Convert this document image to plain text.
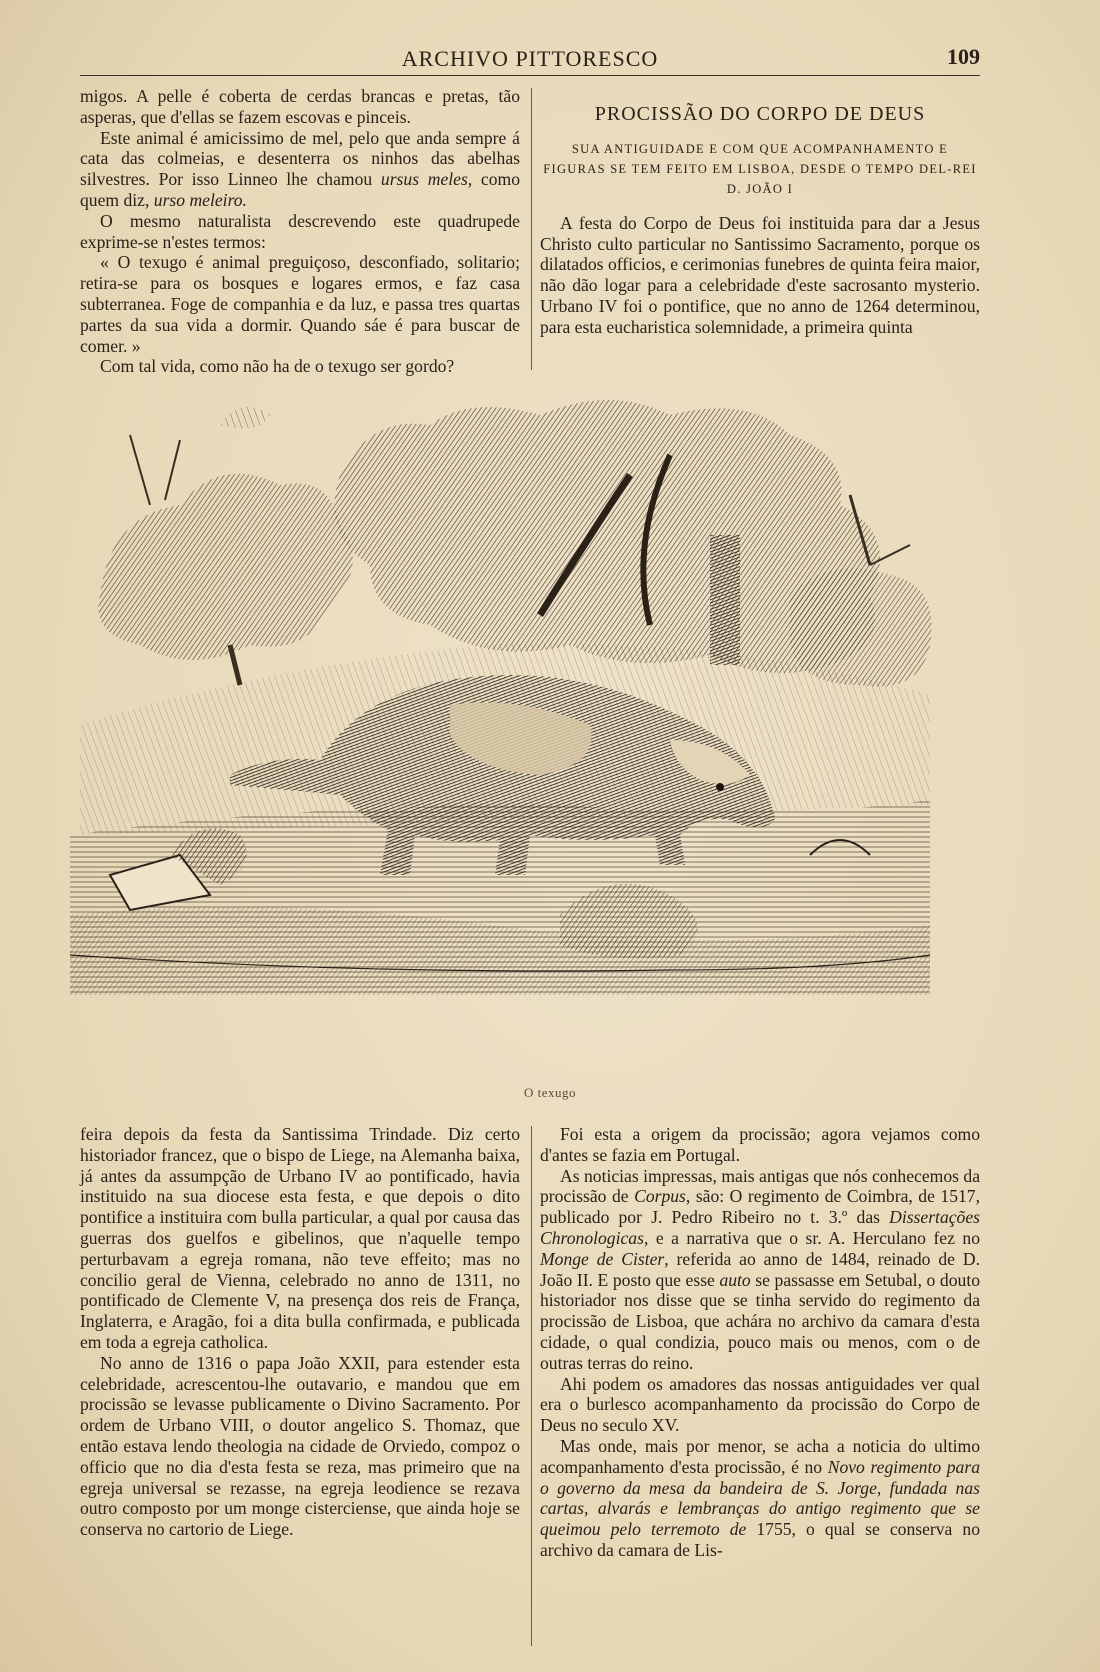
ARCHIVO PITTORESCO	109

migos. A pelle é coberta de cerdas brancas e pretas, tão asperas, que d'ellas se fazem escovas e pinceis.

Este animal é amicissimo de mel, pelo que anda sempre á cata das colmeias, e desenterra os ninhos das abelhas silvestres. Por isso Linneo lhe chamou ursus meles, como quem diz, urso meleiro.

O mesmo naturalista descrevendo este quadrupede exprime-se n'estes termos:

« O texugo é animal preguiçoso, desconfiado, solitario; retira-se para os bosques e logares ermos, e faz casa subterranea. Foge de companhia e da luz, e passa tres quartas partes da sua vida a dormir. Quando sáe é para buscar de comer. »

Com tal vida, como não ha de o texugo ser gordo?

PROCISSÃO DO CORPO DE DEUS
SUA ANTIGUIDADE E COM QUE ACOMPANHAMENTO E FIGURAS SE TEM FEITO EM LISBOA, DESDE O TEMPO DEL-REI D. JOÃO I

A festa do Corpo de Deus foi instituida para dar a Jesus Christo culto particular no Santissimo Sacramento, porque os dilatados officios, e cerimonias funebres de quinta feira maior, não dão logar para a celebridade d'este sacrosanto mysterio. Urbano IV foi o pontifice, que no anno de 1264 determinou, para esta eucharistica solemnidade, a primeira quinta

O texugo

feira depois da festa da Santissima Trindade. Diz certo historiador francez, que o bispo de Liege, na Alemanha baixa, já antes da assumpção de Urbano IV ao pontificado, havia instituido na sua diocese esta festa, e que depois o dito pontifice a instituira com bulla particular, a qual por causa das guerras dos guelfos e gibelinos, que n'aquelle tempo perturbavam a egreja romana, não teve effeito; mas no concilio geral de Vienna, celebrado no anno de 1311, no pontificado de Clemente V, na presença dos reis de França, Inglaterra, e Aragão, foi a dita bulla confirmada, e publicada em toda a egreja catholica.

No anno de 1316 o papa João XXII, para estender esta celebridade, acrescentou-lhe outavario, e mandou que em procissão se levasse publicamente o Divino Sacramento. Por ordem de Urbano VIII, o doutor angelico S. Thomaz, que então estava lendo theologia na cidade de Orviedo, compoz o officio que no dia d'esta festa se reza, mas primeiro que na egreja universal se rezasse, na egreja leodience se rezava outro composto por um monge cisterciense, que ainda hoje se conserva no cartorio de Liege.

Foi esta a origem da procissão; agora vejamos como d'antes se fazia em Portugal.

As noticias impressas, mais antigas que nós conhecemos da procissão de Corpus, são: O regimento de Coimbra, de 1517, publicado por J. Pedro Ribeiro no t. 3.º das Dissertações Chronologicas, e a narrativa que o sr. A. Herculano fez no Monge de Cister, referida ao anno de 1484, reinado de D. João II. E posto que esse auto se passasse em Setubal, o douto historiador nos disse que se tinha servido do regimento da procissão de Lisboa, que achára no archivo da camara d'esta cidade, o qual condizia, pouco mais ou menos, com o de outras terras do reino.

Ahi podem os amadores das nossas antiguidades ver qual era o burlesco acompanhamento da procissão do Corpo de Deus no seculo XV.

Mas onde, mais por menor, se acha a noticia do ultimo acompanhamento d'esta procissão, é no Novo regimento para o governo da mesa da bandeira de S. Jorge, fundada nas cartas, alvarás e lembranças do antigo regimento que se queimou pelo terremoto de 1755, o qual se conserva no archivo da camara de Lis-
